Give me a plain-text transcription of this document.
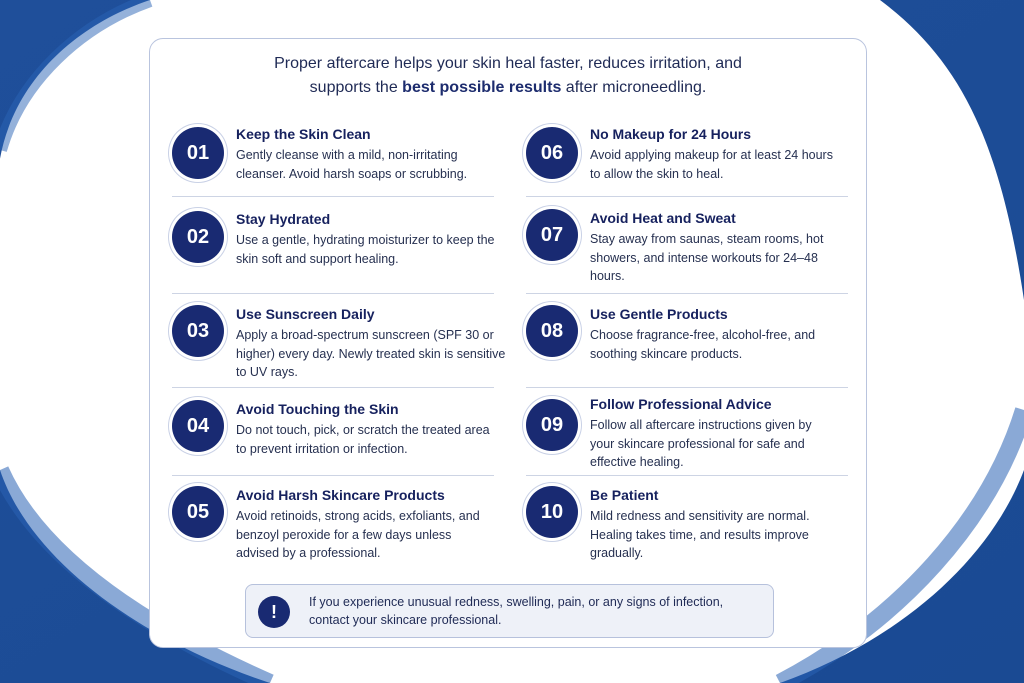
Proper aftercare helps your skin heal faster, reduces irritation, and
supports the best possible results after microneedling.
01
Keep the Skin Clean
Gently cleanse with a mild, non-irritating cleanser. Avoid harsh soaps or scrubbing.
02
Stay Hydrated
Use a gentle, hydrating moisturizer to keep the skin soft and support healing.
03
Use Sunscreen Daily
Apply a broad-spectrum sunscreen (SPF 30 or higher) every day. Newly treated skin is sensitive to UV rays.
04
Avoid Touching the Skin
Do not touch, pick, or scratch the treated area to prevent irritation or infection.
05
Avoid Harsh Skincare Products
Avoid retinoids, strong acids, exfoliants, and benzoyl peroxide for a few days unless advised by a professional.
06
No Makeup for 24 Hours
Avoid applying makeup for at least 24 hours to allow the skin to heal.
07
Avoid Heat and Sweat
Stay away from saunas, steam rooms, hot showers, and intense workouts for 24–48 hours.
08
Use Gentle Products
Choose fragrance-free, alcohol-free, and soothing skincare products.
09
Follow Professional Advice
Follow all aftercare instructions given by your skincare professional for safe and effective healing.
10
Be Patient
Mild redness and sensitivity are normal. Healing takes time, and results improve gradually.
!	If you experience unusual redness, swelling, pain, or any signs of infection, contact your skincare professional.
